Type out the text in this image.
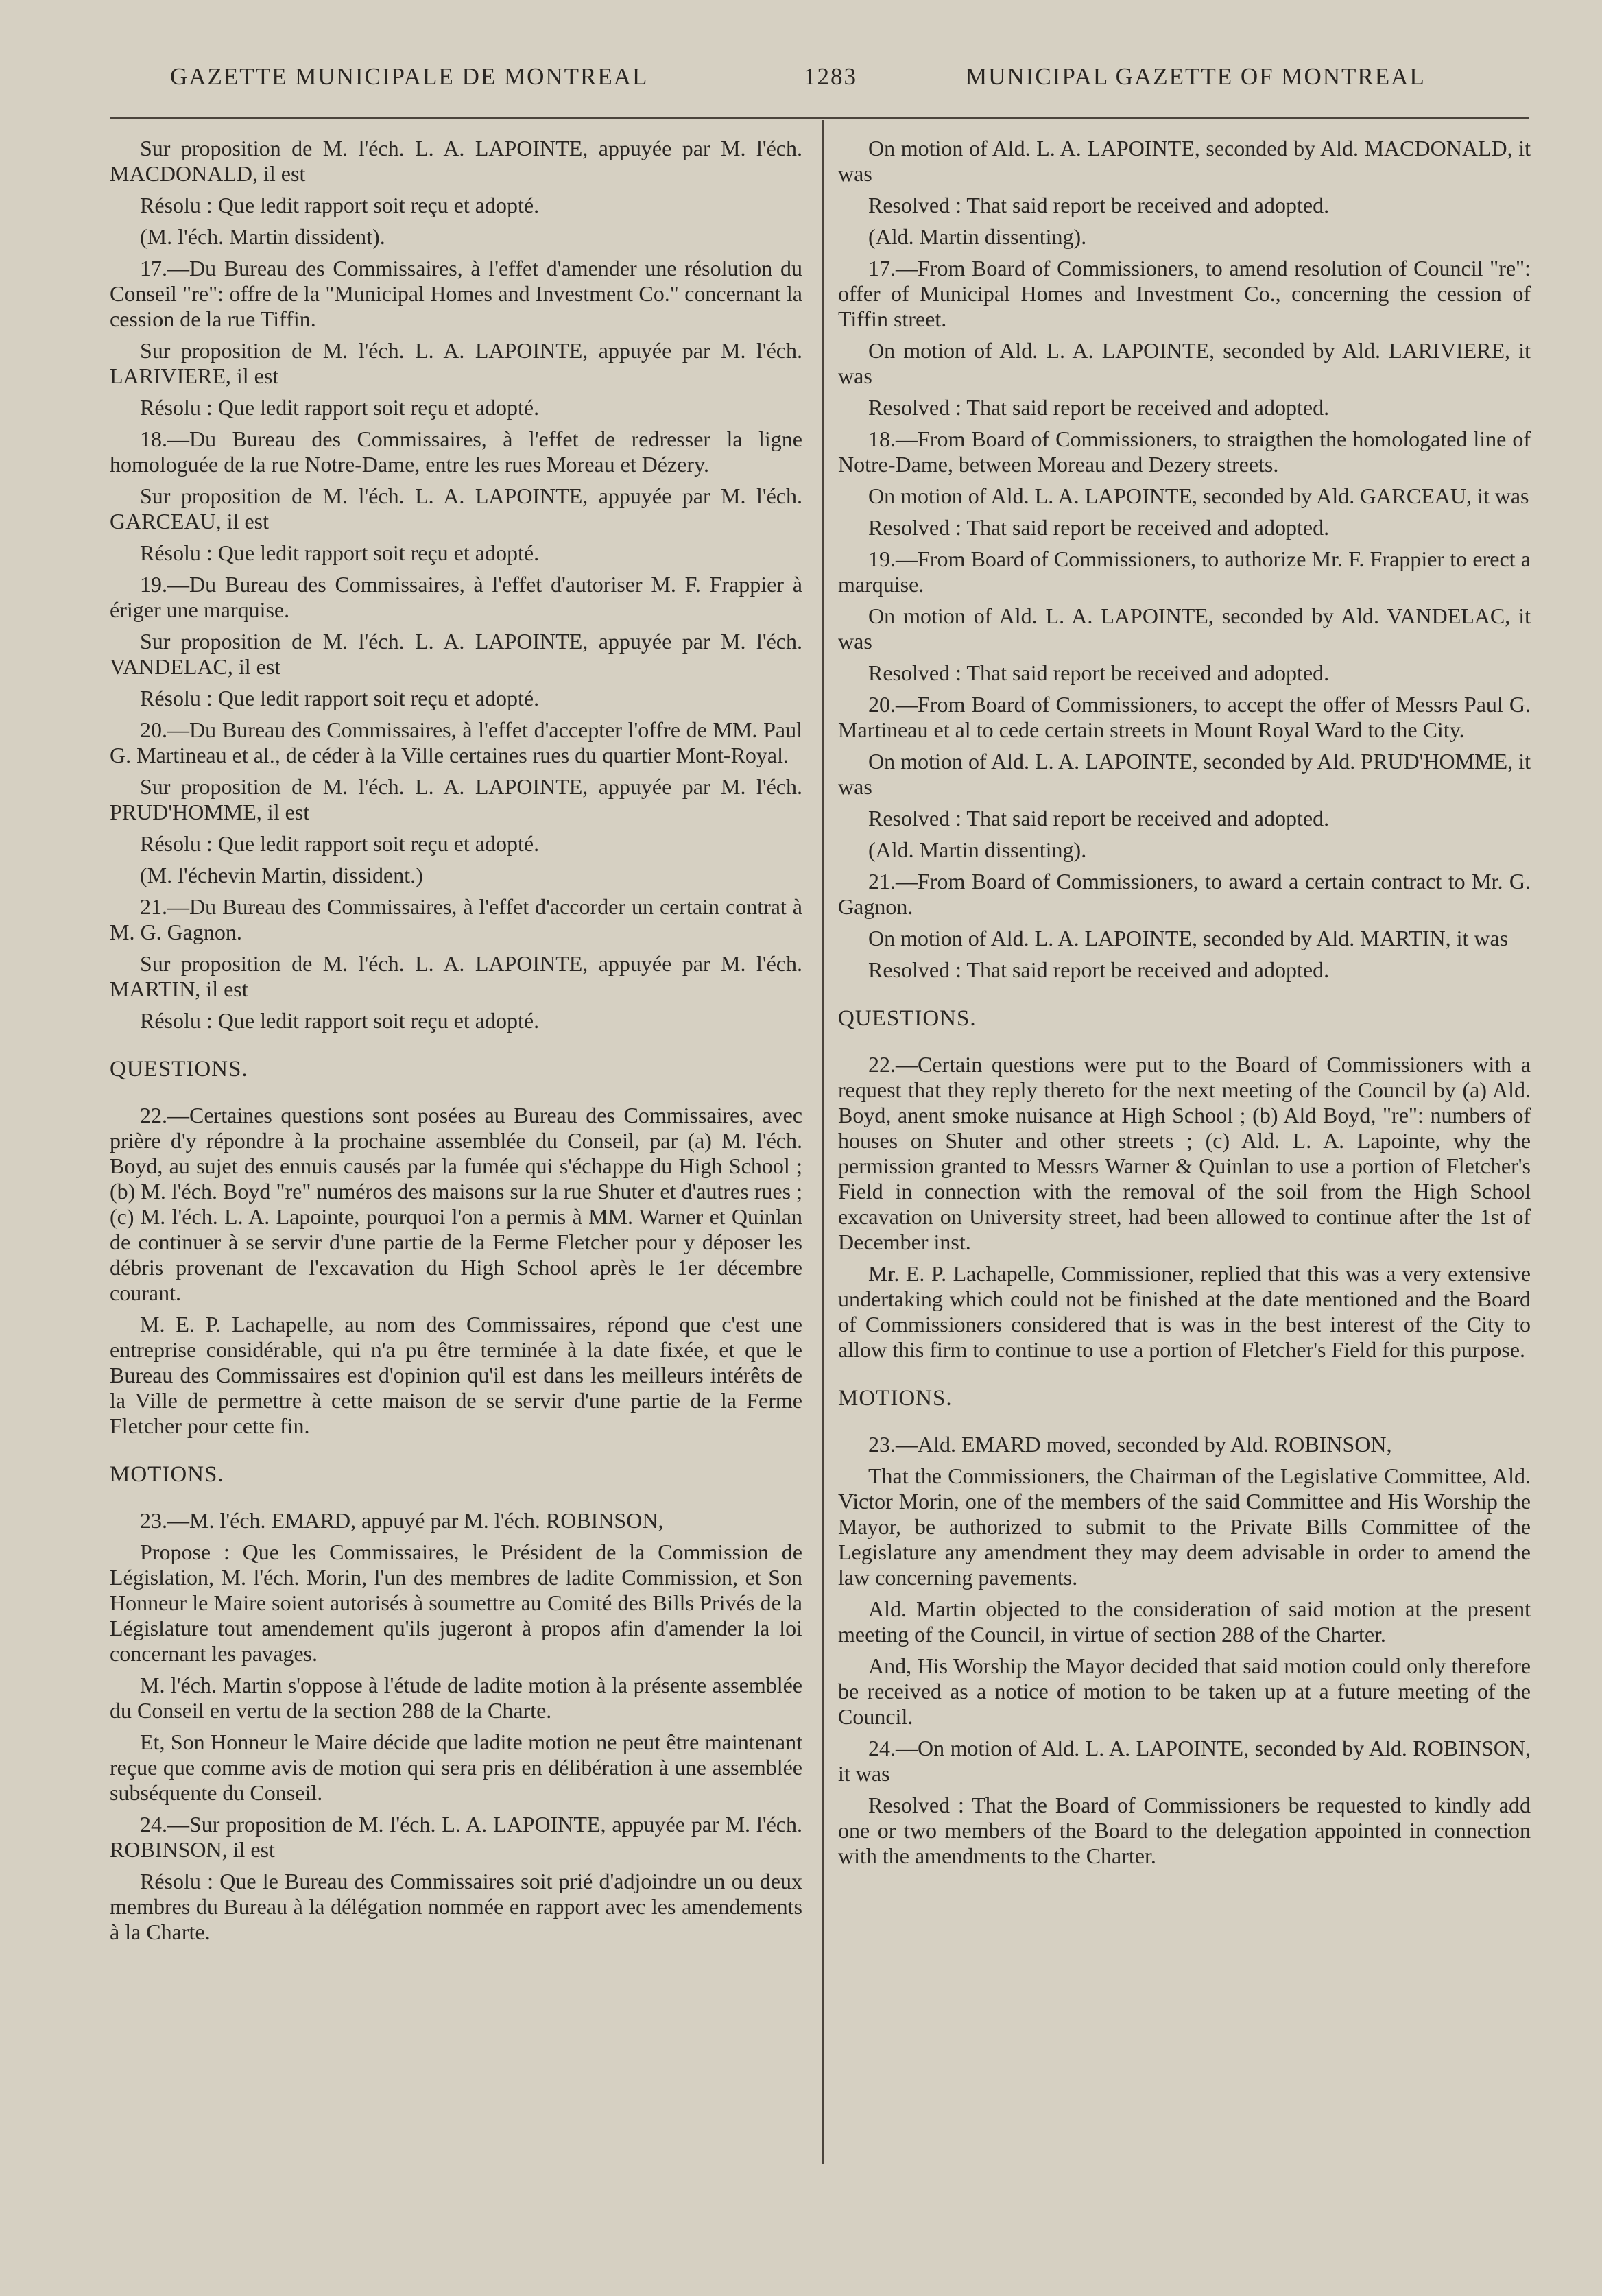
GAZETTE MUNICIPALE DE MONTREAL	1283	MUNICIPAL GAZETTE OF MONTREAL

Sur proposition de M. l'éch. L. A. LAPOINTE, appuyée par M. l'éch. MACDONALD, il est

Résolu : Que ledit rapport soit reçu et adopté.

(M. l'éch. Martin dissident).

17.—Du Bureau des Commissaires, à l'effet d'amender une résolution du Conseil "re": offre de la "Municipal Homes and Investment Co." concernant la cession de la rue Tiffin.

Sur proposition de M. l'éch. L. A. LAPOINTE, appuyée par M. l'éch. LARIVIERE, il est

Résolu : Que ledit rapport soit reçu et adopté.

18.—Du Bureau des Commissaires, à l'effet de redresser la ligne homologuée de la rue Notre-Dame, entre les rues Moreau et Dézery.

Sur proposition de M. l'éch. L. A. LAPOINTE, appuyée par M. l'éch. GARCEAU, il est

Résolu : Que ledit rapport soit reçu et adopté.

19.—Du Bureau des Commissaires, à l'effet d'autoriser M. F. Frappier à ériger une marquise.

Sur proposition de M. l'éch. L. A. LAPOINTE, appuyée par M. l'éch. VANDELAC, il est

Résolu : Que ledit rapport soit reçu et adopté.

20.—Du Bureau des Commissaires, à l'effet d'accepter l'offre de MM. Paul G. Martineau et al., de céder à la Ville certaines rues du quartier Mont-Royal.

Sur proposition de M. l'éch. L. A. LAPOINTE, appuyée par M. l'éch. PRUD'HOMME, il est

Résolu : Que ledit rapport soit reçu et adopté.

(M. l'échevin Martin, dissident.)

21.—Du Bureau des Commissaires, à l'effet d'accorder un certain contrat à M. G. Gagnon.

Sur proposition de M. l'éch. L. A. LAPOINTE, appuyée par M. l'éch. MARTIN, il est

Résolu : Que ledit rapport soit reçu et adopté.

QUESTIONS.

22.—Certaines questions sont posées au Bureau des Commissaires, avec prière d'y répondre à la prochaine assemblée du Conseil, par (a) M. l'éch. Boyd, au sujet des ennuis causés par la fumée qui s'échappe du High School ; (b) M. l'éch. Boyd "re" numéros des maisons sur la rue Shuter et d'autres rues ; (c) M. l'éch. L. A. Lapointe, pourquoi l'on a permis à MM. Warner et Quinlan de continuer à se servir d'une partie de la Ferme Fletcher pour y déposer les débris provenant de l'excavation du High School après le 1er décembre courant.

M. E. P. Lachapelle, au nom des Commissaires, répond que c'est une entreprise considérable, qui n'a pu être terminée à la date fixée, et que le Bureau des Commissaires est d'opinion qu'il est dans les meilleurs intérêts de la Ville de permettre à cette maison de se servir d'une partie de la Ferme Fletcher pour cette fin.

MOTIONS.

23.—M. l'éch. EMARD, appuyé par M. l'éch. ROBINSON,

Propose : Que les Commissaires, le Président de la Commission de Législation, M. l'éch. Morin, l'un des membres de ladite Commission, et Son Honneur le Maire soient autorisés à soumettre au Comité des Bills Privés de la Législature tout amendement qu'ils jugeront à propos afin d'amender la loi concernant les pavages.

M. l'éch. Martin s'oppose à l'étude de ladite motion à la présente assemblée du Conseil en vertu de la section 288 de la Charte.

Et, Son Honneur le Maire décide que ladite motion ne peut être maintenant reçue que comme avis de motion qui sera pris en délibération à une assemblée subséquente du Conseil.

24.—Sur proposition de M. l'éch. L. A. LAPOINTE, appuyée par M. l'éch. ROBINSON, il est

Résolu : Que le Bureau des Commissaires soit prié d'adjoindre un ou deux membres du Bureau à la délégation nommée en rapport avec les amendements à la Charte.

On motion of Ald. L. A. LAPOINTE, seconded by Ald. MACDONALD, it was

Resolved : That said report be received and adopted.

(Ald. Martin dissenting).

17.—From Board of Commissioners, to amend resolution of Council "re": offer of Municipal Homes and Investment Co., concerning the cession of Tiffin street.

On motion of Ald. L. A. LAPOINTE, seconded by Ald. LARIVIERE, it was

Resolved : That said report be received and adopted.

18.—From Board of Commissioners, to straigthen the homologated line of Notre-Dame, between Moreau and Dezery streets.

On motion of Ald. L. A. LAPOINTE, seconded by Ald. GARCEAU, it was

Resolved : That said report be received and adopted.

19.—From Board of Commissioners, to authorize Mr. F. Frappier to erect a marquise.

On motion of Ald. L. A. LAPOINTE, seconded by Ald. VANDELAC, it was

Resolved : That said report be received and adopted.

20.—From Board of Commissioners, to accept the offer of Messrs Paul G. Martineau et al to cede certain streets in Mount Royal Ward to the City.

On motion of Ald. L. A. LAPOINTE, seconded by Ald. PRUD'HOMME, it was

Resolved : That said report be received and adopted.

(Ald. Martin dissenting).

21.—From Board of Commissioners, to award a certain contract to Mr. G. Gagnon.

On motion of Ald. L. A. LAPOINTE, seconded by Ald. MARTIN, it was

Resolved : That said report be received and adopted.

QUESTIONS.

22.—Certain questions were put to the Board of Commissioners with a request that they reply thereto for the next meeting of the Council by (a) Ald. Boyd, anent smoke nuisance at High School ; (b) Ald Boyd, "re": numbers of houses on Shuter and other streets ; (c) Ald. L. A. Lapointe, why the permission granted to Messrs Warner & Quinlan to use a portion of Fletcher's Field in connection with the removal of the soil from the High School excavation on University street, had been allowed to continue after the 1st of December inst.

Mr. E. P. Lachapelle, Commissioner, replied that this was a very extensive undertaking which could not be finished at the date mentioned and the Board of Commissioners considered that is was in the best interest of the City to allow this firm to continue to use a portion of Fletcher's Field for this purpose.

MOTIONS.

23.—Ald. EMARD moved, seconded by Ald. ROBINSON,

That the Commissioners, the Chairman of the Legislative Committee, Ald. Victor Morin, one of the members of the said Committee and His Worship the Mayor, be authorized to submit to the Private Bills Committee of the Legislature any amendment they may deem advisable in order to amend the law concerning pavements.

Ald. Martin objected to the consideration of said motion at the present meeting of the Council, in virtue of section 288 of the Charter.

And, His Worship the Mayor decided that said motion could only therefore be received as a notice of motion to be taken up at a future meeting of the Council.

24.—On motion of Ald. L. A. LAPOINTE, seconded by Ald. ROBINSON, it was

Resolved : That the Board of Commissioners be requested to kindly add one or two members of the Board to the delegation appointed in connection with the amendments to the Charter.
